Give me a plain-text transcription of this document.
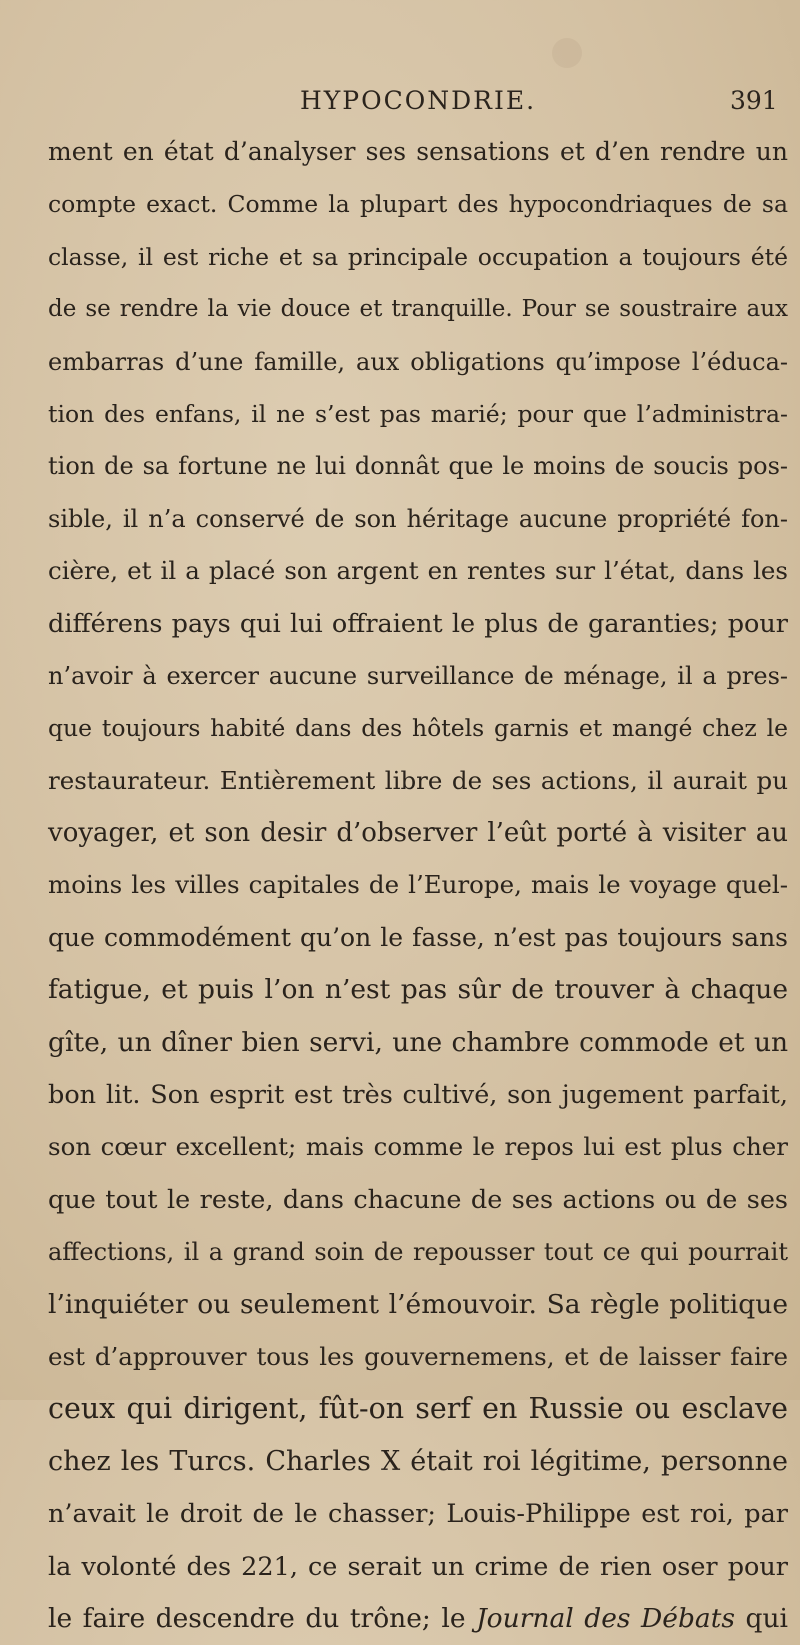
HYPOCONDRIE.	391
ment en état d’analyser ses sensations et d’en rendre un
compte exact. Comme la plupart des hypocondriaques de sa
classe, il est riche et sa principale occupation a toujours été
de se rendre la vie douce et tranquille. Pour se soustraire aux
embarras d’une famille, aux obligations qu’impose l’éduca-
tion des enfans, il ne s’est pas marié; pour que l’administra-
tion de sa fortune ne lui donnât que le moins de soucis pos-
sible, il n’a conservé de son héritage aucune propriété fon-
cière, et il a placé son argent en rentes sur l’état, dans les
différens pays qui lui offraient le plus de garanties; pour
n’avoir à exercer aucune surveillance de ménage, il a pres-
que toujours habité dans des hôtels garnis et mangé chez le
restaurateur. Entièrement libre de ses actions, il aurait pu
voyager, et son desir d’observer l’eût porté à visiter au
moins les villes capitales de l’Europe, mais le voyage quel-
que commodément qu’on le fasse, n’est pas toujours sans
fatigue, et puis l’on n’est pas sûr de trouver à chaque
gîte, un dîner bien servi, une chambre commode et un
bon lit. Son esprit est très cultivé, son jugement parfait,
son cœur excellent; mais comme le repos lui est plus cher
que tout le reste, dans chacune de ses actions ou de ses
affections, il a grand soin de repousser tout ce qui pourrait
l’inquiéter ou seulement l’émouvoir. Sa règle politique
est d’approuver tous les gouvernemens, et de laisser faire
ceux qui dirigent, fût-on serf en Russie ou esclave
chez les Turcs. Charles X était roi légitime, personne
n’avait le droit de le chasser; Louis-Philippe est roi, par
la volonté des 221, ce serait un crime de rien oser pour
le faire descendre du trône; le Journal des Débats qui
